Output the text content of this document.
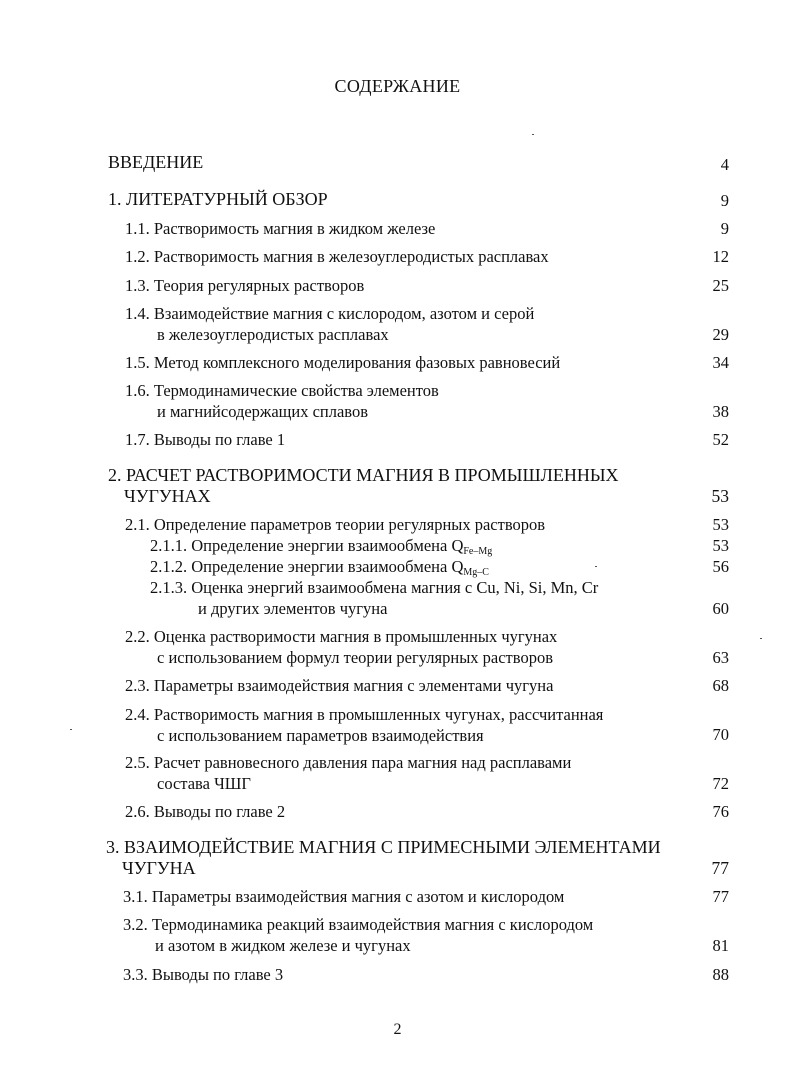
СОДЕРЖАНИЕ
ВВЕДЕНИЕ	4
1. ЛИТЕРАТУРНЫЙ ОБЗОР	9
1.1. Растворимость магния в жидком железе	9
1.2. Растворимость магния в железоуглеродистых расплавах	12
1.3. Теория регулярных растворов	25
1.4. Взаимодействие магния с кислородом, азотом и серой
в железоуглеродистых расплавах	29
1.5. Метод комплексного моделирования фазовых равновесий	34
1.6. Термодинамические свойства элементов
и магнийсодержащих сплавов	38
1.7. Выводы по главе 1	52
2. РАСЧЕТ РАСТВОРИМОСТИ МАГНИЯ В ПРОМЫШЛЕННЫХ
ЧУГУНАХ	53
2.1. Определение параметров теории регулярных растворов	53
2.1.1. Определение энергии взаимообмена $Q_{Fe-Mg}$	53
2.1.2. Определение энергии взаимообмена $Q_{Mg-C}$	56
2.1.3. Оценка энергий взаимообмена магния с Cu, Ni, Si, Mn, Cr
и других элементов чугуна	60
2.2. Оценка растворимости магния в промышленных чугунах
с использованием формул теории регулярных растворов	63
2.3. Параметры взаимодействия магния с элементами чугуна	68
2.4. Растворимость магния в промышленных чугунах, рассчитанная
с использованием параметров взаимодействия	70
2.5. Расчет равновесного давления пара магния над расплавами
состава ЧШГ	72
2.6. Выводы по главе 2	76
3. ВЗАИМОДЕЙСТВИЕ МАГНИЯ С ПРИМЕСНЫМИ ЭЛЕМЕНТАМИ
ЧУГУНА	77
3.1. Параметры взаимодействия магния с азотом и кислородом	77
3.2. Термодинамика реакций взаимодействия магния с кислородом
и азотом в жидком железе и чугунах	81
3.3. Выводы по главе 3	88
2
